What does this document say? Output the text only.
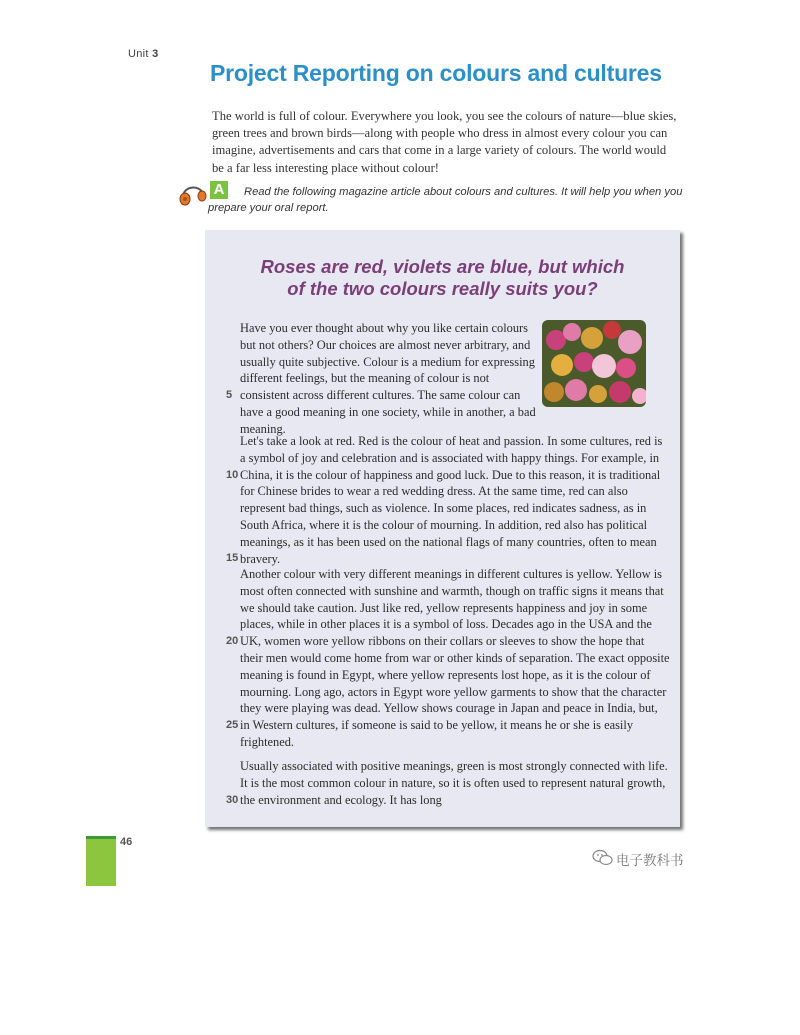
Unit 3
Project Reporting on colours and cultures
The world is full of colour. Everywhere you look, you see the colours of nature—blue skies, green trees and brown birds—along with people who dress in almost every colour you can imagine, advertisements and cars that come in a large variety of colours. The world would be a far less interesting place without colour!
A	Read the following magazine article about colours and cultures. It will help you when you prepare your oral report.
Roses are red, violets are blue, but which
of the two colours really suits you?
Have you ever thought about why you like certain colours but not others? Our choices are almost never arbitrary, and usually quite subjective. Colour is a medium for expressing different feelings, but the meaning of colour is not consistent across different cultures. The same colour can have a good meaning in one society, while in another, a bad meaning.
5
Let's take a look at red. Red is the colour of heat and passion. In some cultures, red is a symbol of joy and celebration and is associated with happy things. For example, in China, it is the colour of happiness and good luck. Due to this reason, it is traditional for Chinese brides to wear a red wedding dress. At the same time, red can also represent bad things, such as violence. In some places, red indicates sadness, as in South Africa, where it is the colour of mourning. In addition, red also has political meanings, as it has been used on the national flags of many countries, often to mean bravery.
10
15
Another colour with very different meanings in different cultures is yellow. Yellow is most often connected with sunshine and warmth, though on traffic signs it means that we should take caution. Just like red, yellow represents happiness and joy in some places, while in other places it is a symbol of loss. Decades ago in the USA and the UK, women wore yellow ribbons on their collars or sleeves to show the hope that their men would come home from war or other kinds of separation. The exact opposite meaning is found in Egypt, where yellow represents lost hope, as it is the colour of mourning. Long ago, actors in Egypt wore yellow garments to show that the character they were playing was dead. Yellow shows courage in Japan and peace in India, but, in Western cultures, if someone is said to be yellow, it means he or she is easily frightened.
20
25
Usually associated with positive meanings, green is most strongly connected with life. It is the most common colour in nature, so it is often used to represent natural growth, the environment and ecology. It has long
30
46
电子教科书
